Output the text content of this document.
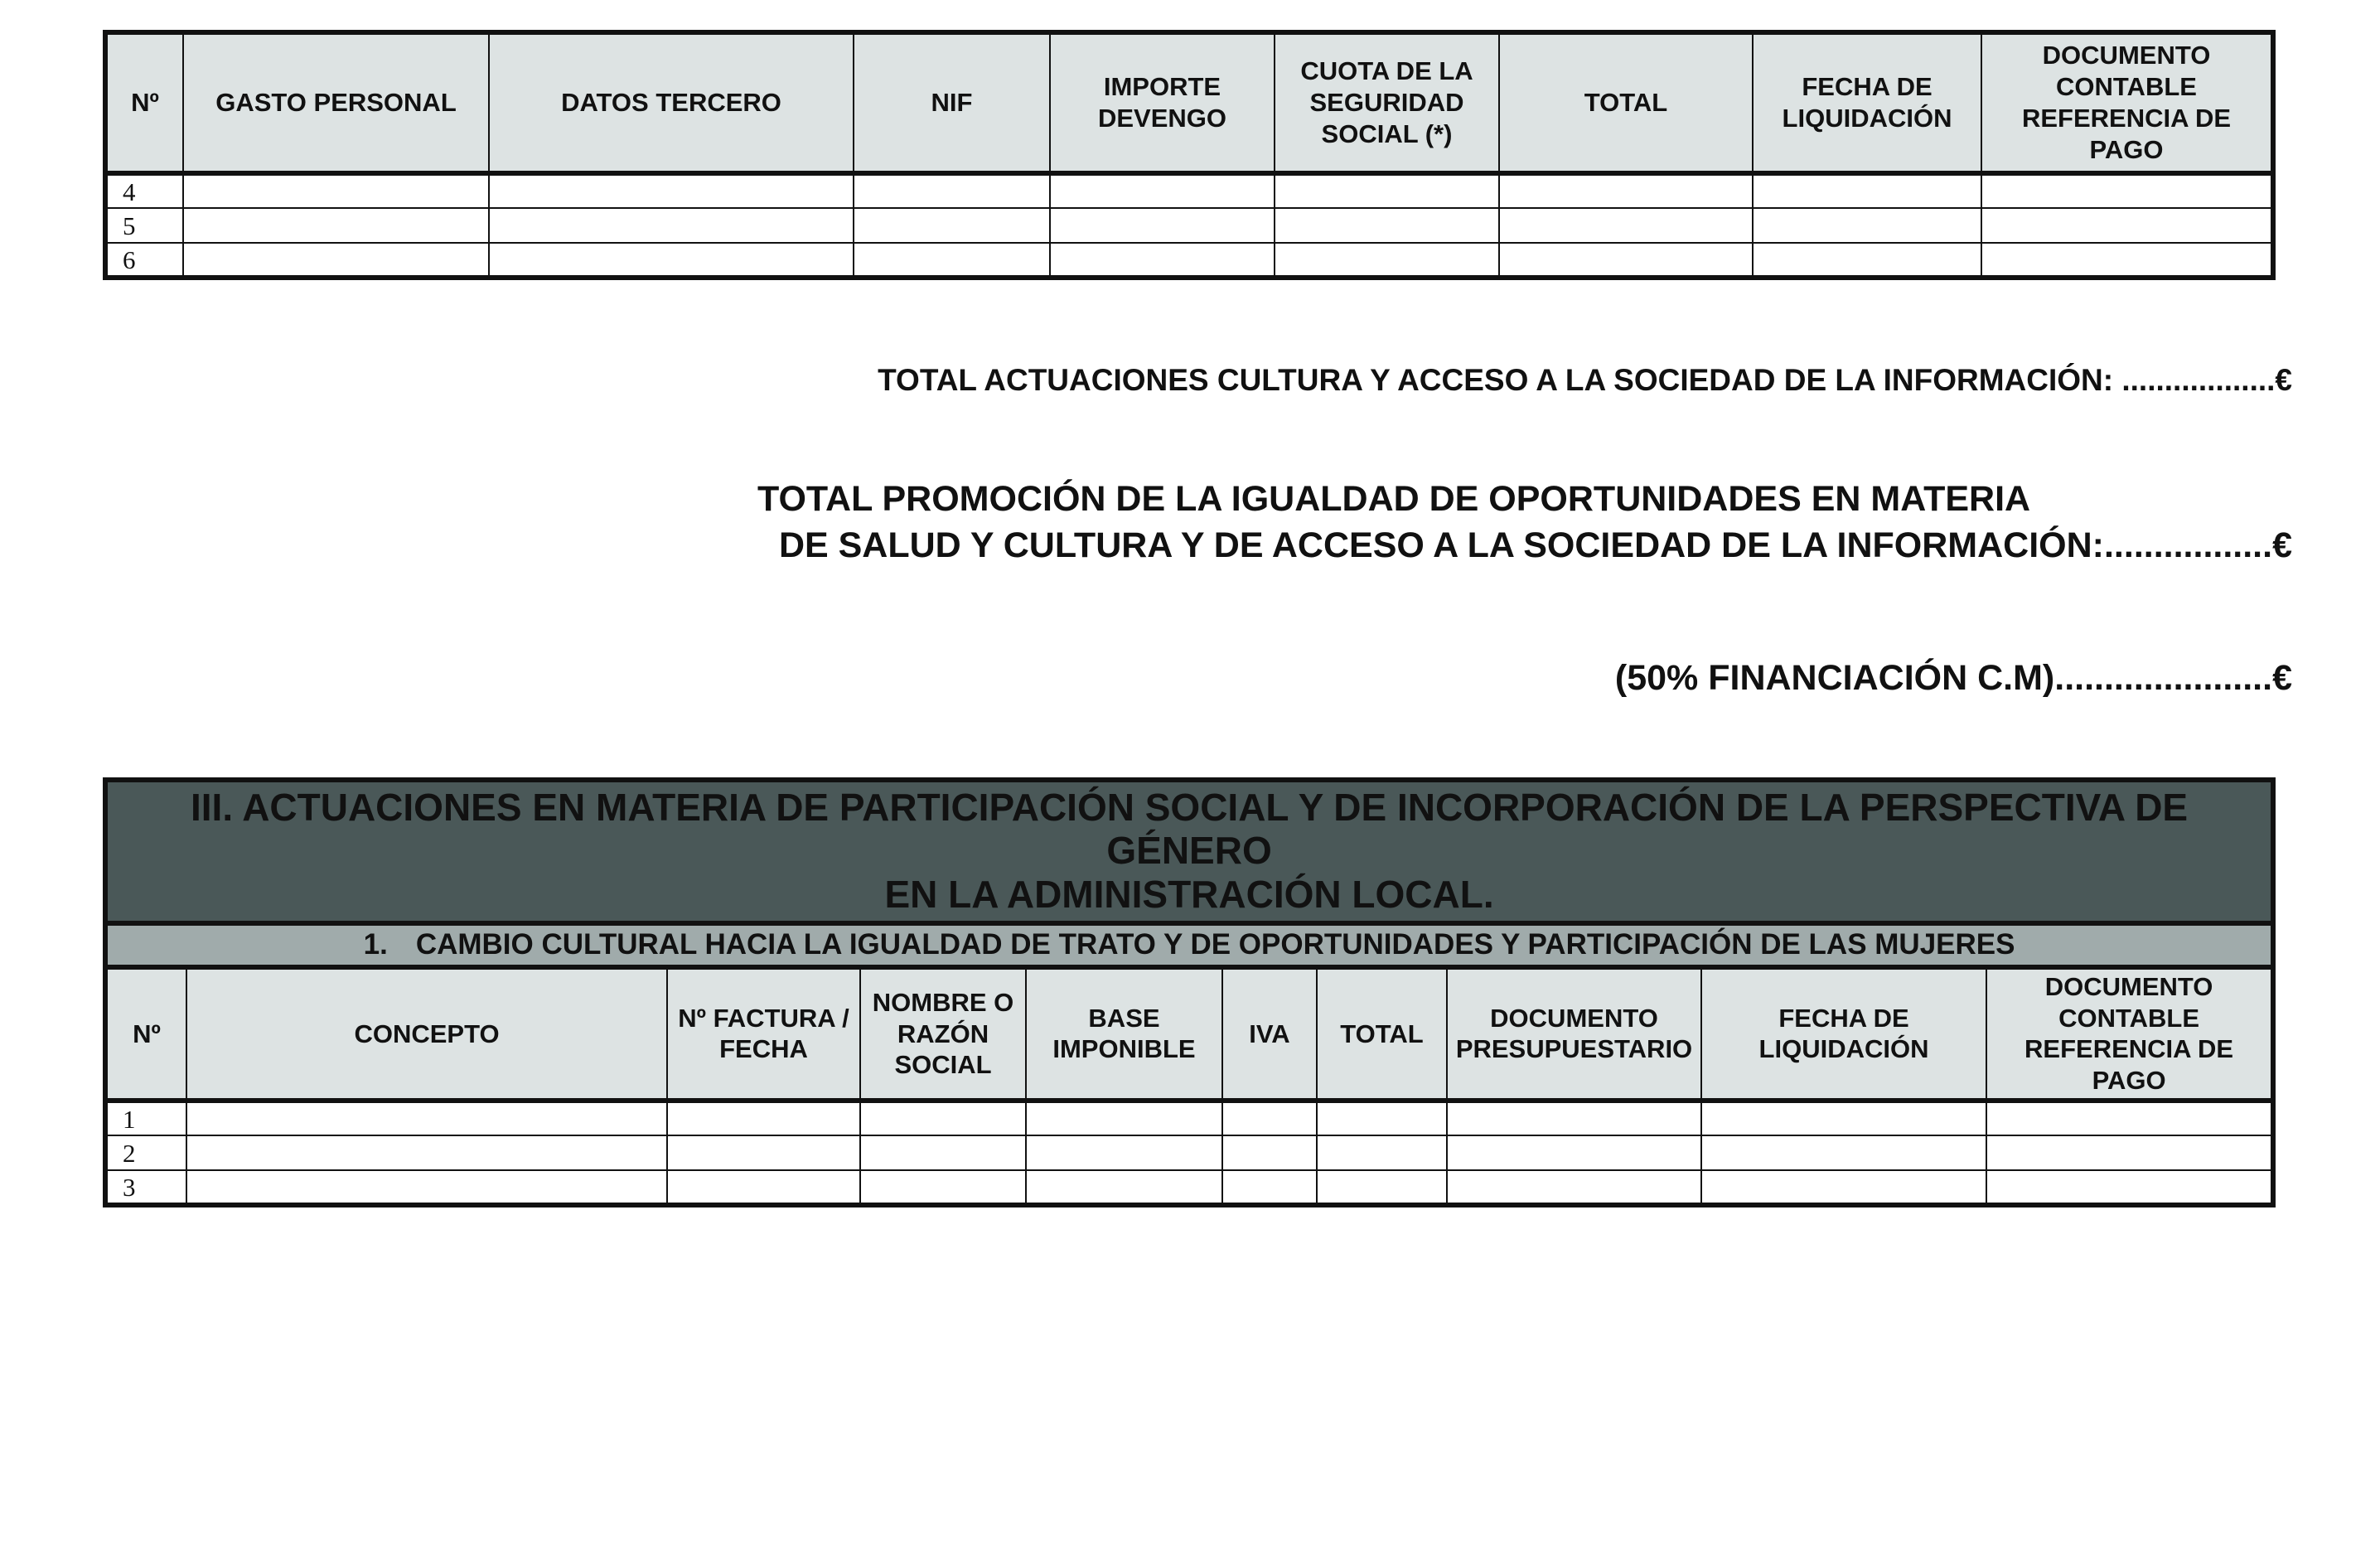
Nº	GASTO PERSONAL	DATOS TERCERO	NIF	IMPORTE DEVENGO	CUOTA DE LA SEGURIDAD SOCIAL (*)	TOTAL	FECHA DE LIQUIDACIÓN	DOCUMENTO CONTABLE REFERENCIA DE PAGO
4								
5								
6								
TOTAL ACTUACIONES CULTURA Y ACCESO A LA SOCIEDAD DE LA INFORMACIÓN: ..................€
TOTAL PROMOCIÓN DE LA IGUALDAD DE OPORTUNIDADES EN MATERIA
DE SALUD Y CULTURA Y DE ACCESO A LA SOCIEDAD DE LA INFORMACIÓN:.................€
(50% FINANCIACIÓN C.M)......................€
III. ACTUACIONES EN MATERIA DE PARTICIPACIÓN SOCIAL Y DE INCORPORACIÓN DE LA PERSPECTIVA DE GÉNERO
EN LA ADMINISTRACIÓN LOCAL.									
1. CAMBIO CULTURAL HACIA LA IGUALDAD DE TRATO Y DE OPORTUNIDADES Y PARTICIPACIÓN DE LAS MUJERES									
Nº	CONCEPTO	Nº FACTURA / FECHA	NOMBRE O RAZÓN SOCIAL	BASE IMPONIBLE	IVA	TOTAL	DOCUMENTO PRESUPUESTARIO	FECHA DE LIQUIDACIÓN	DOCUMENTO CONTABLE REFERENCIA DE PAGO
1									
2									
3									
